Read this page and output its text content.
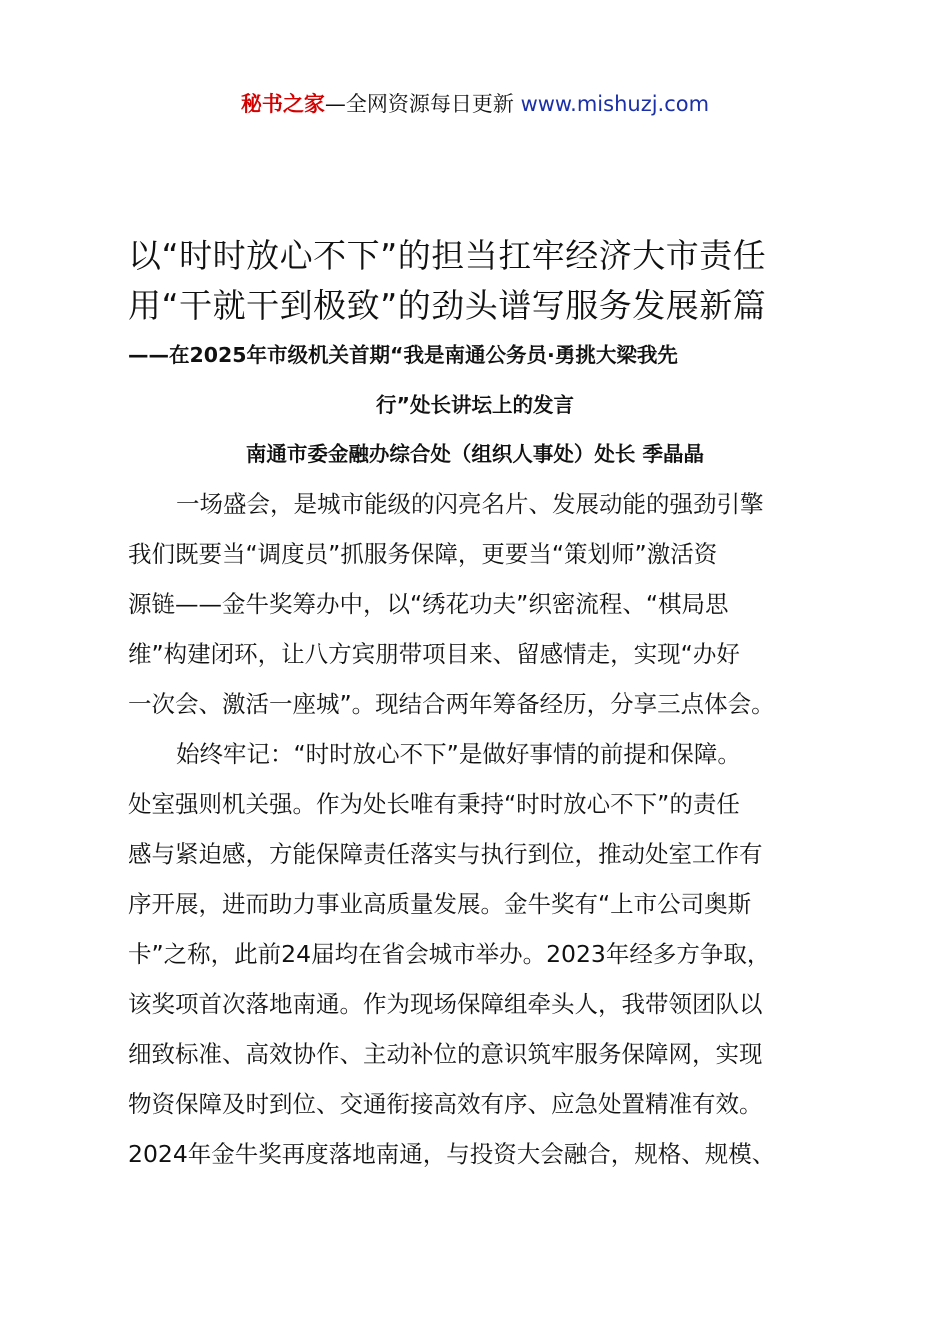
秘书之家—全网资源每日更新 www.mishuzj.com
以“时时放心不下”的担当扛牢经济大市责任
用“干就干到极致”的劲头谱写服务发展新篇
——在2025年市级机关首期“我是南通公务员·勇挑大梁我先
行”处长讲坛上的发言
南通市委金融办综合处（组织人事处）处长 季晶晶
一场盛会，是城市能级的闪亮名片、发展动能的强劲引擎
我们既要当“调度员”抓服务保障，更要当“策划师”激活资
源链——金牛奖筹办中，以“绣花功夫”织密流程、“棋局思
维”构建闭环，让八方宾朋带项目来、留感情走，实现“办好
一次会、激活一座城”。现结合两年筹备经历，分享三点体会。
始终牢记：“时时放心不下”是做好事情的前提和保障。
处室强则机关强。作为处长唯有秉持“时时放心不下”的责任
感与紧迫感，方能保障责任落实与执行到位，推动处室工作有
序开展，进而助力事业高质量发展。金牛奖有“上市公司奥斯
卡”之称，此前24届均在省会城市举办。2023年经多方争取，
该奖项首次落地南通。作为现场保障组牵头人，我带领团队以
细致标准、高效协作、主动补位的意识筑牢服务保障网，实现
物资保障及时到位、交通衔接高效有序、应急处置精准有效。
2024年金牛奖再度落地南通，与投资大会融合，规格、规模、
